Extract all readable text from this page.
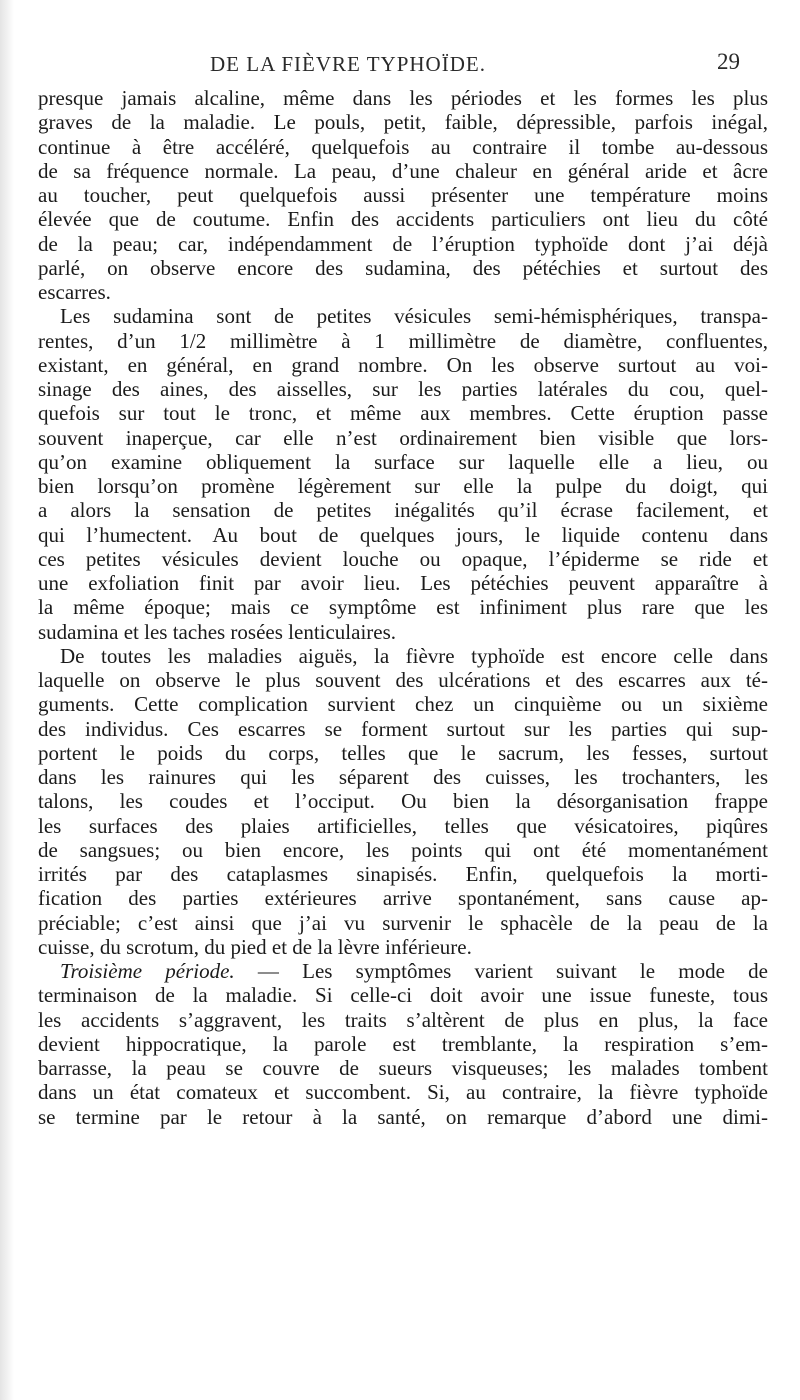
DE LA FIÈVRE TYPHOÏDE.	29
presque jamais alcaline, même dans les périodes et les formes les plus
graves de la maladie. Le pouls, petit, faible, dépressible, parfois inégal,
continue à être accéléré, quelquefois au contraire il tombe au-dessous
de sa fréquence normale. La peau, d’une chaleur en général aride et âcre
au toucher, peut quelquefois aussi présenter une température moins
élevée que de coutume. Enfin des accidents particuliers ont lieu du côté
de la peau; car, indépendamment de l’éruption typhoïde dont j’ai déjà
parlé, on observe encore des sudamina, des pétéchies et surtout des
escarres.
Les sudamina sont de petites vésicules semi-hémisphériques, transpa-
rentes, d’un 1/2 millimètre à 1 millimètre de diamètre, confluentes,
existant, en général, en grand nombre. On les observe surtout au voi-
sinage des aines, des aisselles, sur les parties latérales du cou, quel-
quefois sur tout le tronc, et même aux membres. Cette éruption passe
souvent inaperçue, car elle n’est ordinairement bien visible que lors-
qu’on examine obliquement la surface sur laquelle elle a lieu, ou
bien lorsqu’on promène légèrement sur elle la pulpe du doigt, qui
a alors la sensation de petites inégalités qu’il écrase facilement, et
qui l’humectent. Au bout de quelques jours, le liquide contenu dans
ces petites vésicules devient louche ou opaque, l’épiderme se ride et
une exfoliation finit par avoir lieu. Les pétéchies peuvent apparaître à
la même époque; mais ce symptôme est infiniment plus rare que les
sudamina et les taches rosées lenticulaires.
De toutes les maladies aiguës, la fièvre typhoïde est encore celle dans
laquelle on observe le plus souvent des ulcérations et des escarres aux té-
guments. Cette complication survient chez un cinquième ou un sixième
des individus. Ces escarres se forment surtout sur les parties qui sup-
portent le poids du corps, telles que le sacrum, les fesses, surtout
dans les rainures qui les séparent des cuisses, les trochanters, les
talons, les coudes et l’occiput. Ou bien la désorganisation frappe
les surfaces des plaies artificielles, telles que vésicatoires, piqûres
de sangsues; ou bien encore, les points qui ont été momentanément
irrités par des cataplasmes sinapisés. Enfin, quelquefois la morti-
fication des parties extérieures arrive spontanément, sans cause ap-
préciable; c’est ainsi que j’ai vu survenir le sphacèle de la peau de la
cuisse, du scrotum, du pied et de la lèvre inférieure.
Troisième période. — Les symptômes varient suivant le mode de
terminaison de la maladie. Si celle-ci doit avoir une issue funeste, tous
les accidents s’aggravent, les traits s’altèrent de plus en plus, la face
devient hippocratique, la parole est tremblante, la respiration s’em-
barrasse, la peau se couvre de sueurs visqueuses; les malades tombent
dans un état comateux et succombent. Si, au contraire, la fièvre typhoïde
se termine par le retour à la santé, on remarque d’abord une dimi-
